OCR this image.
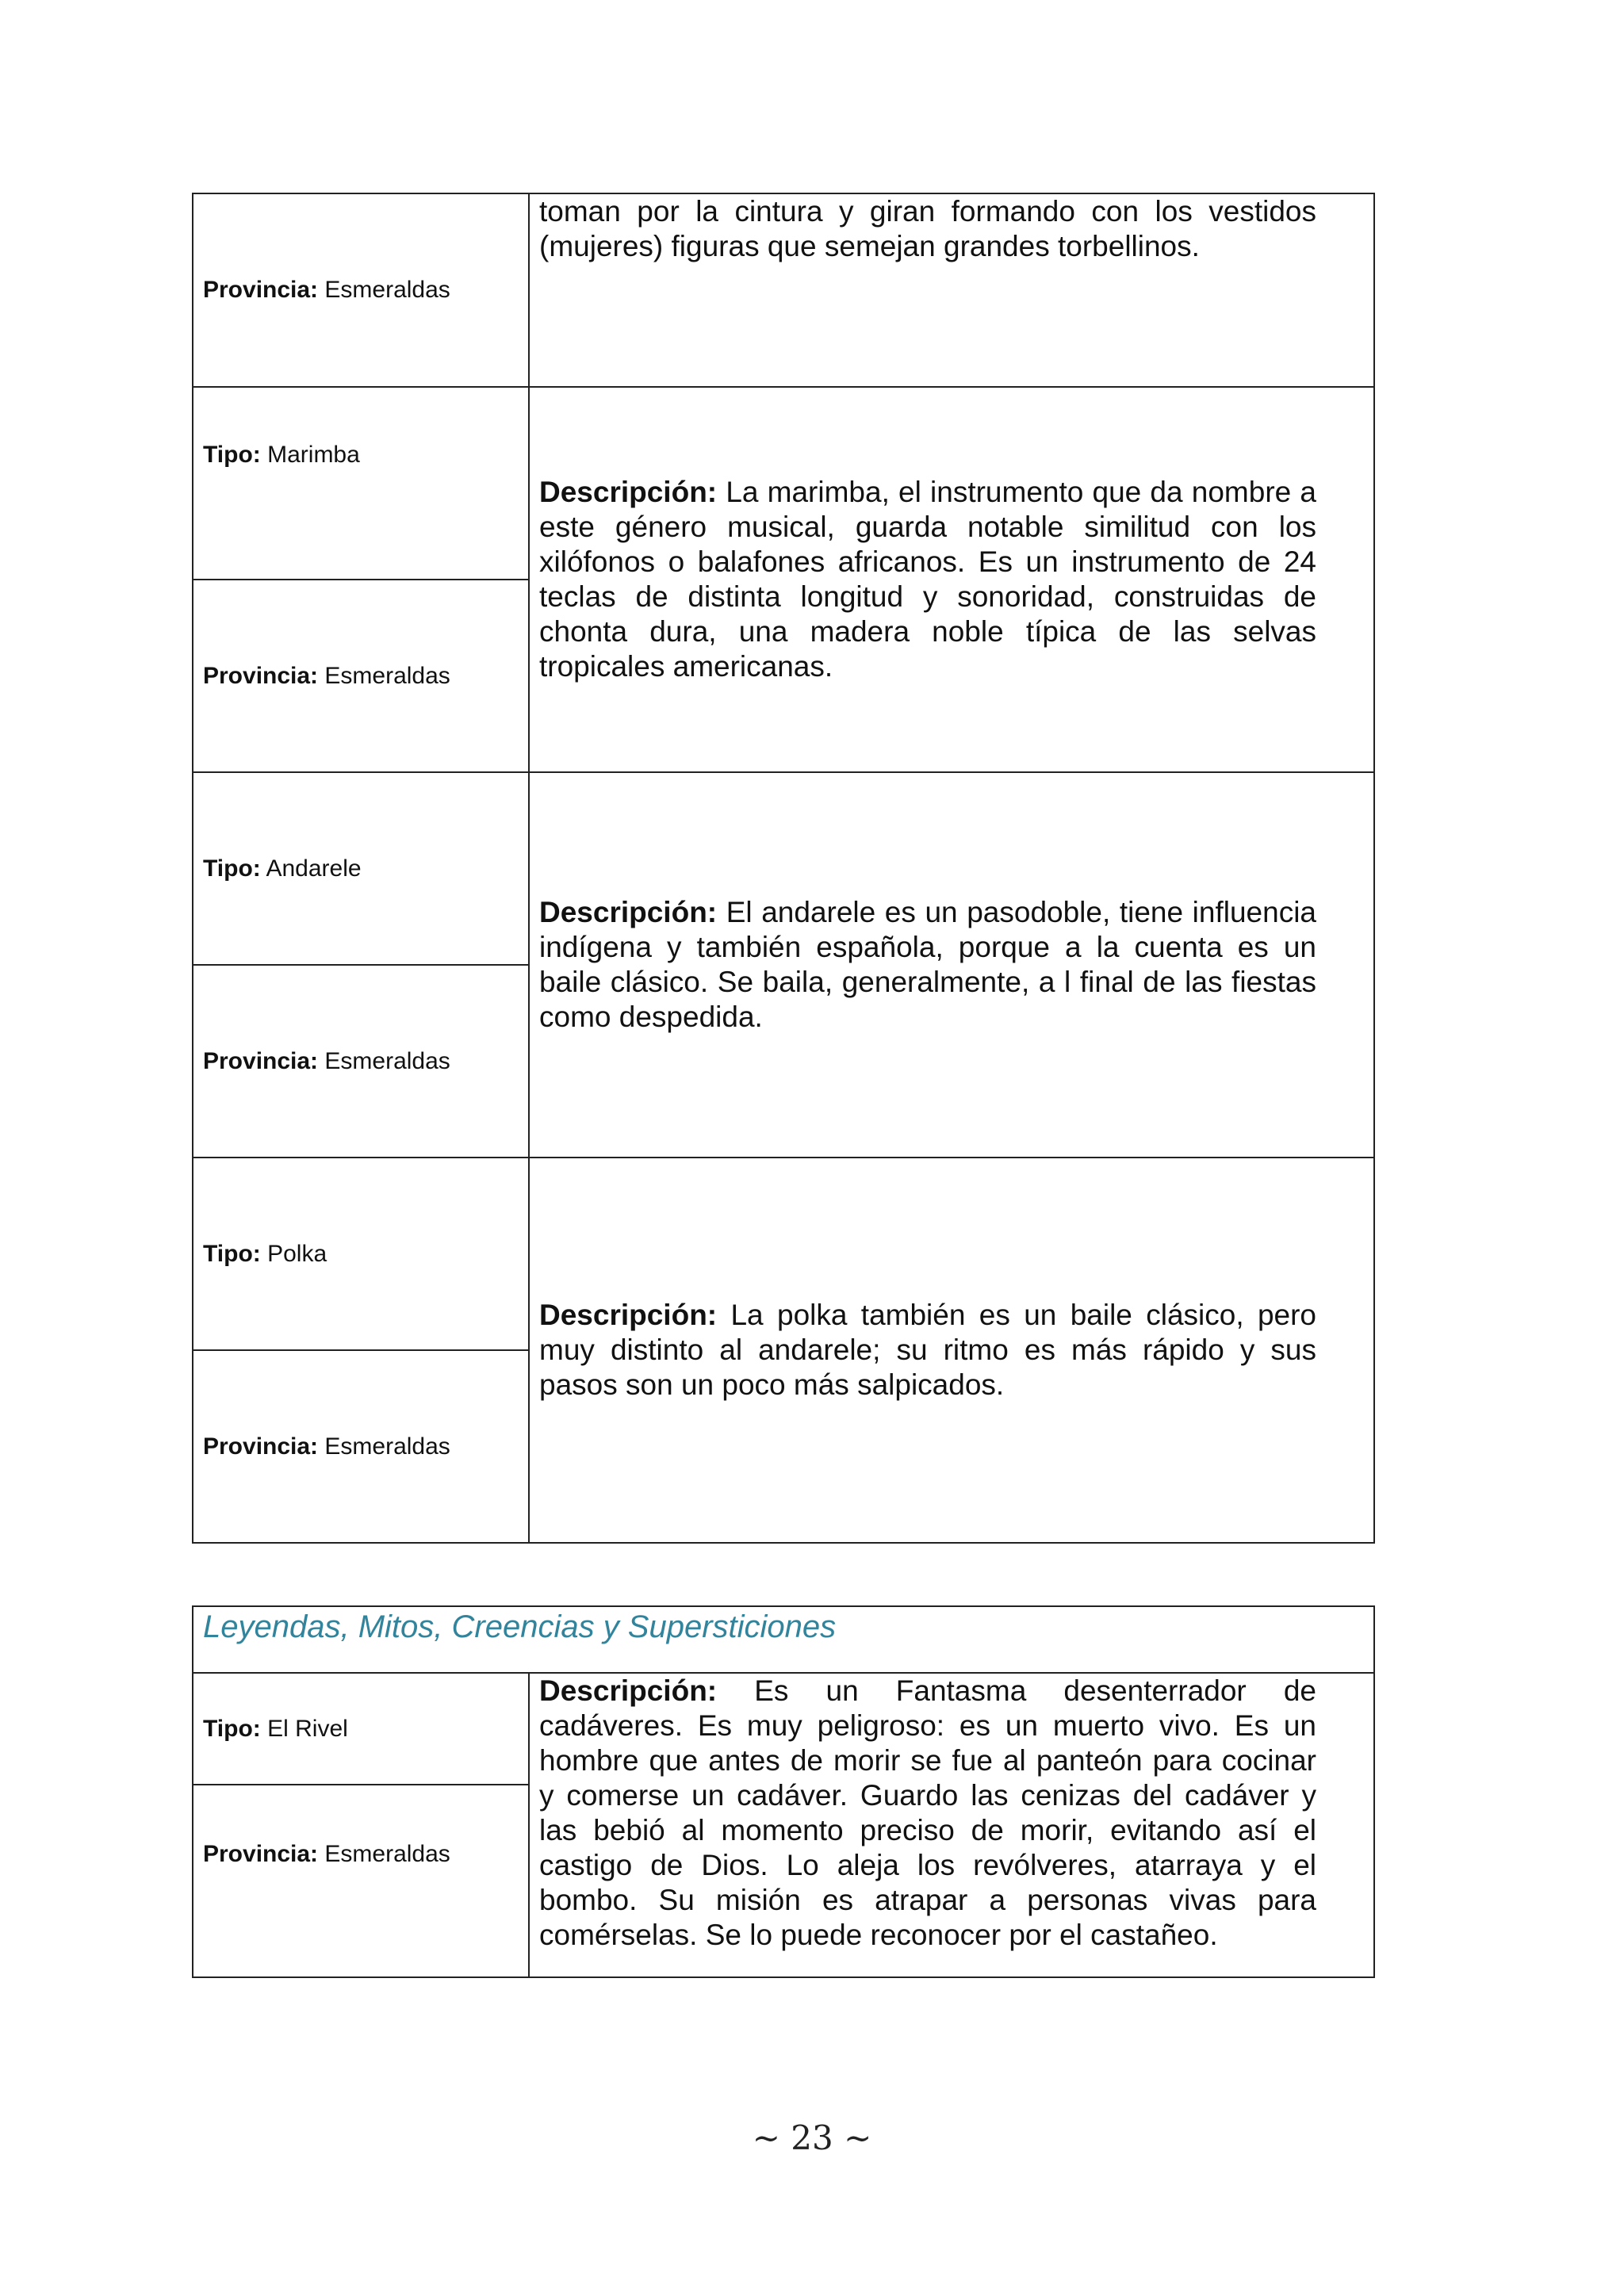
Provincia: Esmeraldas	toman por la cintura y giran formando con los vestidos (mujeres) figuras que semejan grandes torbellinos.

Tipo: Marimba	Descripción: La marimba, el instrumento que da nombre a este género musical, guarda notable similitud con los xilófonos o balafones africanos. Es un instrumento de 24 teclas de distinta longitud y sonoridad, construidas de chonta dura, una madera noble típica de las selvas tropicales americanas.

Provincia: Esmeraldas	
Tipo: Andarele	Descripción: El andarele es un pasodoble, tiene influencia indígena y también española, porque a la cuenta es un baile clásico. Se baila, generalmente, a l final de las fiestas como despedida.

Provincia: Esmeraldas	
Tipo: Polka	Descripción: La polka también es un baile clásico, pero muy distinto al andarele; su ritmo es más rápido y sus pasos son un poco más salpicados.

Provincia: Esmeraldas	
Leyendas, Mitos, Creencias y Supersticiones
Tipo: El Rivel	
Descripción: Es un Fantasma desenterrador de cadáveres. Es muy peligroso: es un muerto vivo. Es un hombre que antes de morir se fue al panteón para cocinar y comerse un cadáver. Guardo las cenizas del cadáver y las bebió al momento preciso de morir, evitando así el castigo de Dios. Lo aleja los revólveres, atarraya y el bombo. Su misión es atrapar a personas vivas para comérselas. Se lo puede reconocer por el castañeo.

Provincia: Esmeraldas
~ 23 ~
